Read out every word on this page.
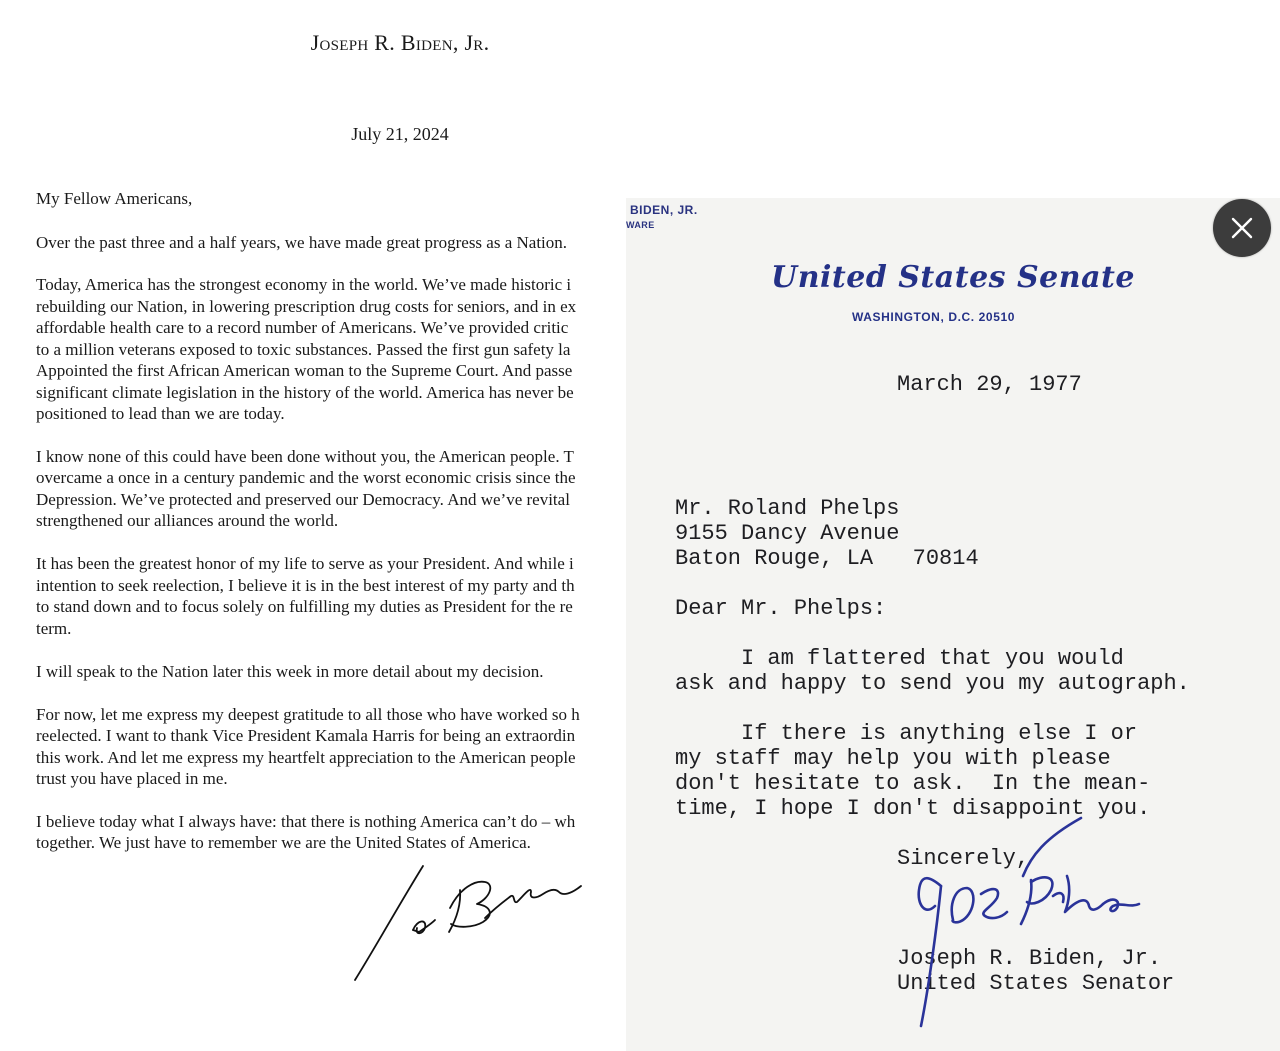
Joseph R. Biden, Jr.
July 21, 2024
My Fellow Americans,
Over the past three and a half years, we have made great progress as a Nation.
Today, America has the strongest economy in the world. We’ve made historic i
rebuilding our Nation, in lowering prescription drug costs for seniors, and in ex
affordable health care to a record number of Americans. We’ve provided critic
to a million veterans exposed to toxic substances. Passed the first gun safety la
Appointed the first African American woman to the Supreme Court. And passe
significant climate legislation in the history of the world. America has never be
positioned to lead than we are today.
I know none of this could have been done without you, the American people. T
overcame a once in a century pandemic and the worst economic crisis since the
Depression. We’ve protected and preserved our Democracy. And we’ve revital
strengthened our alliances around the world.
It has been the greatest honor of my life to serve as your President. And while i
intention to seek reelection, I believe it is in the best interest of my party and th
to stand down and to focus solely on fulfilling my duties as President for the re
term.
I will speak to the Nation later this week in more detail about my decision.
For now, let me express my deepest gratitude to all those who have worked so h
reelected. I want to thank Vice President Kamala Harris for being an extraordin
this work. And let me express my heartfelt appreciation to the American people
trust you have placed in me.
I believe today what I always have: that there is nothing America can’t do – wh
together. We just have to remember we are the United States of America.
BIDEN, JR.
WARE
United States Senate
WASHINGTON, D.C. 20510
March 29, 1977
Mr. Roland Phelps
9155 Dancy Avenue
Baton Rouge, LA   70814
Dear Mr. Phelps:
I am flattered that you would
ask and happy to send you my autograph.
If there is anything else I or
my staff may help you with please
don't hesitate to ask.  In the mean-
time, I hope I don't disappoint you.
Sincerely,
Joseph R. Biden, Jr.
United States Senator
